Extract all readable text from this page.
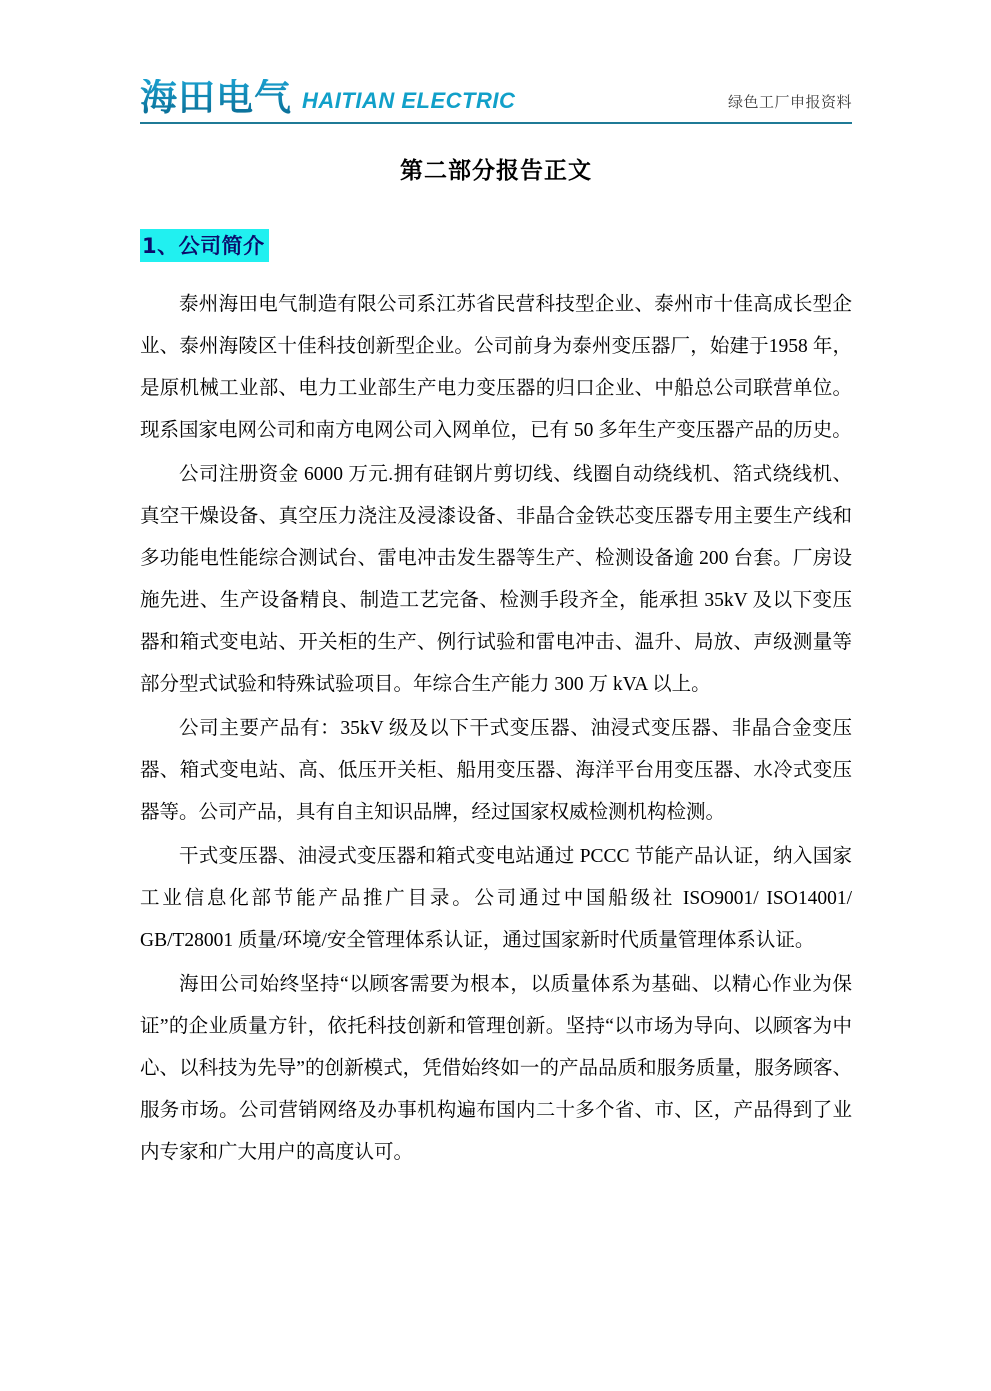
海田电气 HAITIAN ELECTRIC	绿色工厂申报资料
第二部分报告正文
1、公司简介

泰州海田电气制造有限公司系江苏省民营科技型企业、泰州市十佳高成长型企业、泰州海陵区十佳科技创新型企业。公司前身为泰州变压器厂，始建于1958 年，是原机械工业部、电力工业部生产电力变压器的归口企业、中船总公司联营单位。现系国家电网公司和南方电网公司入网单位，已有 50 多年生产变压器产品的历史。

公司注册资金 6000 万元.拥有硅钢片剪切线、线圈自动绕线机、箔式绕线机、真空干燥设备、真空压力浇注及浸漆设备、非晶合金铁芯变压器专用主要生产线和多功能电性能综合测试台、雷电冲击发生器等生产、检测设备逾 200 台套。厂房设施先进、生产设备精良、制造工艺完备、检测手段齐全，能承担 35kV 及以下变压器和箱式变电站、开关柜的生产、例行试验和雷电冲击、温升、局放、声级测量等部分型式试验和特殊试验项目。年综合生产能力 300 万 kVA 以上。

公司主要产品有：35kV 级及以下干式变压器、油浸式变压器、非晶合金变压器、箱式变电站、高、低压开关柜、船用变压器、海洋平台用变压器、水冷式变压器等。公司产品，具有自主知识品牌，经过国家权威检测机构检测。

干式变压器、油浸式变压器和箱式变电站通过 PCCC 节能产品认证，纳入国家工业信息化部节能产品推广目录。公司通过中国船级社 ISO9001/ ISO14001/ GB/T28001 质量/环境/安全管理体系认证，通过国家新时代质量管理体系认证。

海田公司始终坚持“以顾客需要为根本，以质量体系为基础、以精心作业为保证”的企业质量方针，依托科技创新和管理创新。坚持“以市场为导向、以顾客为中心、以科技为先导”的创新模式，凭借始终如一的产品品质和服务质量，服务顾客、服务市场。公司营销网络及办事机构遍布国内二十多个省、市、区，产品得到了业内专家和广大用户的高度认可。
